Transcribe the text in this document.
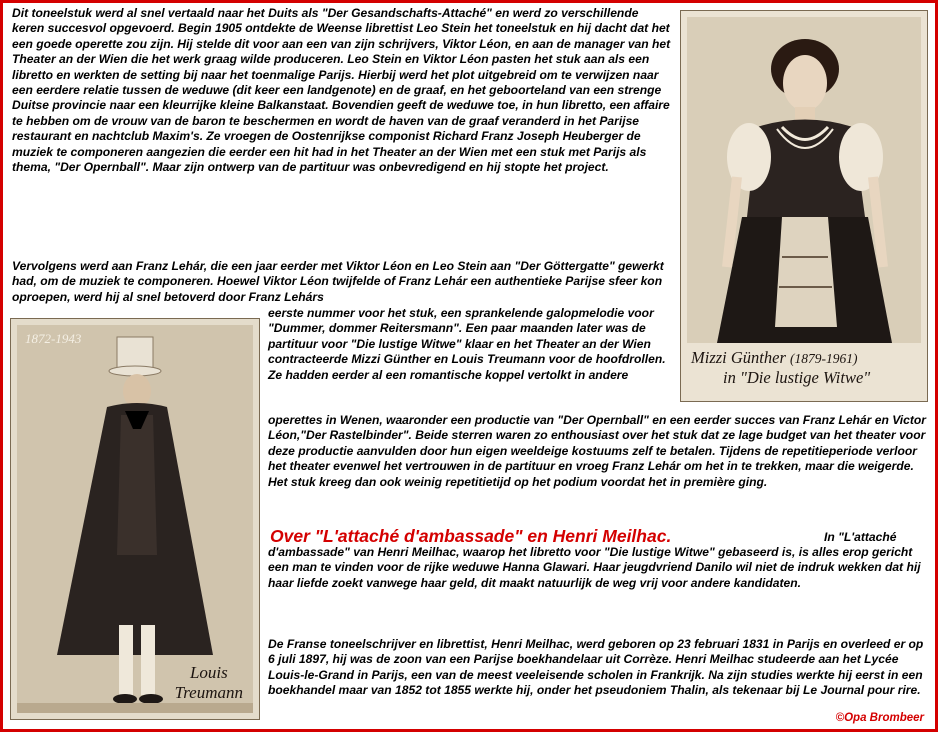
Dit toneelstuk werd al snel vertaald naar het Duits als "Der Gesandschafts-Attaché" en werd zo verschillende keren succesvol opgevoerd. Begin 1905 ontdekte de Weense librettist Leo Stein het toneelstuk en hij dacht dat het een goede operette zou zijn. Hij stelde dit voor aan een van zijn schrijvers, Viktor Léon, en aan de manager van het Theater an der Wien die het werk graag wilde produceren. Leo Stein en Viktor Léon pasten het stuk aan als een libretto en werkten de setting bij naar het toenmalige Parijs. Hierbij werd het plot uitgebreid om te verwijzen naar een eerdere relatie tussen de weduwe (dit keer een landgenote) en de graaf, en het geboorteland van een strenge Duitse provincie naar een kleurrijke kleine Balkanstaat. Bovendien geeft de weduwe toe, in hun libretto, een affaire te hebben om de vrouw van de baron te beschermen en wordt de haven van de graaf veranderd in het Parijse restaurant en nachtclub Maxim's. Ze vroegen de Oostenrijkse componist Richard Franz Joseph Heuberger de muziek te componeren aangezien die eerder een hit had in het Theater an der Wien met een stuk met Parijs als thema, "Der Opernball". Maar zijn ontwerp van de partituur was onbevredigend en hij stopte het project.

Vervolgens werd aan Franz Lehár, die een jaar eerder met Viktor Léon en Leo Stein aan "Der Göttergatte" gewerkt had, om de muziek te componeren. Hoewel Viktor Léon twijfelde of Franz Lehár een authentieke Parijse sfeer kon oproepen, werd hij al snel betoverd door Franz Lehárs

eerste nummer voor het stuk, een sprankelende galopmelodie voor "Dummer, dommer Reitersmann". Een paar maanden later was de partituur voor "Die lustige Witwe" klaar en het Theater an der Wien contracteerde Mizzi Günther en Louis Treumann voor de hoofdrollen. Ze hadden eerder al een romantische koppel vertolkt in andere

operettes in Wenen, waaronder een productie van "Der Opernball" en een eerder succes van Franz Lehár en Victor Léon,"Der Rastelbinder". Beide sterren waren zo enthousiast over het stuk dat ze lage budget van het theater voor deze productie aanvulden door hun eigen weeldeige kostuums zelf te betalen. Tijdens de repetitieperiode verloor het theater evenwel het vertrouwen in de partituur en vroeg Franz Lehár om het in te trekken, maar die weigerde. Het stuk kreeg dan ook weinig repetitietijd op het podium voordat het in première ging.

Over "L'attaché d'ambassade" en Henri Meilhac.	In "L'attaché

d'ambassade" van Henri Meilhac, waarop het libretto voor "Die lustige Witwe" gebaseerd is, is alles erop gericht een man te vinden voor de rijke weduwe Hanna Glawari. Haar jeugdvriend Danilo wil niet de indruk wekken dat hij haar liefde zoekt vanwege haar geld, dit maakt natuurlijk de weg vrij voor andere kandidaten.

De Franse toneelschrijver en librettist, Henri Meilhac, werd geboren op 23 februari 1831 in Parijs en overleed er op 6 juli 1897, hij was de zoon van een Parijse boekhandelaar uit Corrèze. Henri Meilhac studeerde aan het Lycée Louis-le-Grand in Parijs, een van de meest veeleisende scholen in Frankrijk. Na zijn studies werkte hij eerst in een boekhandel maar van 1852 tot 1855 werkte hij, onder het pseudoniem Thalin, als tekenaar bij Le Journal pour rire.

©Opa Brombeer

Mizzi Günther (1879-1961)
in "Die lustige Witwe"
1872-1943
Louis
Treumann
